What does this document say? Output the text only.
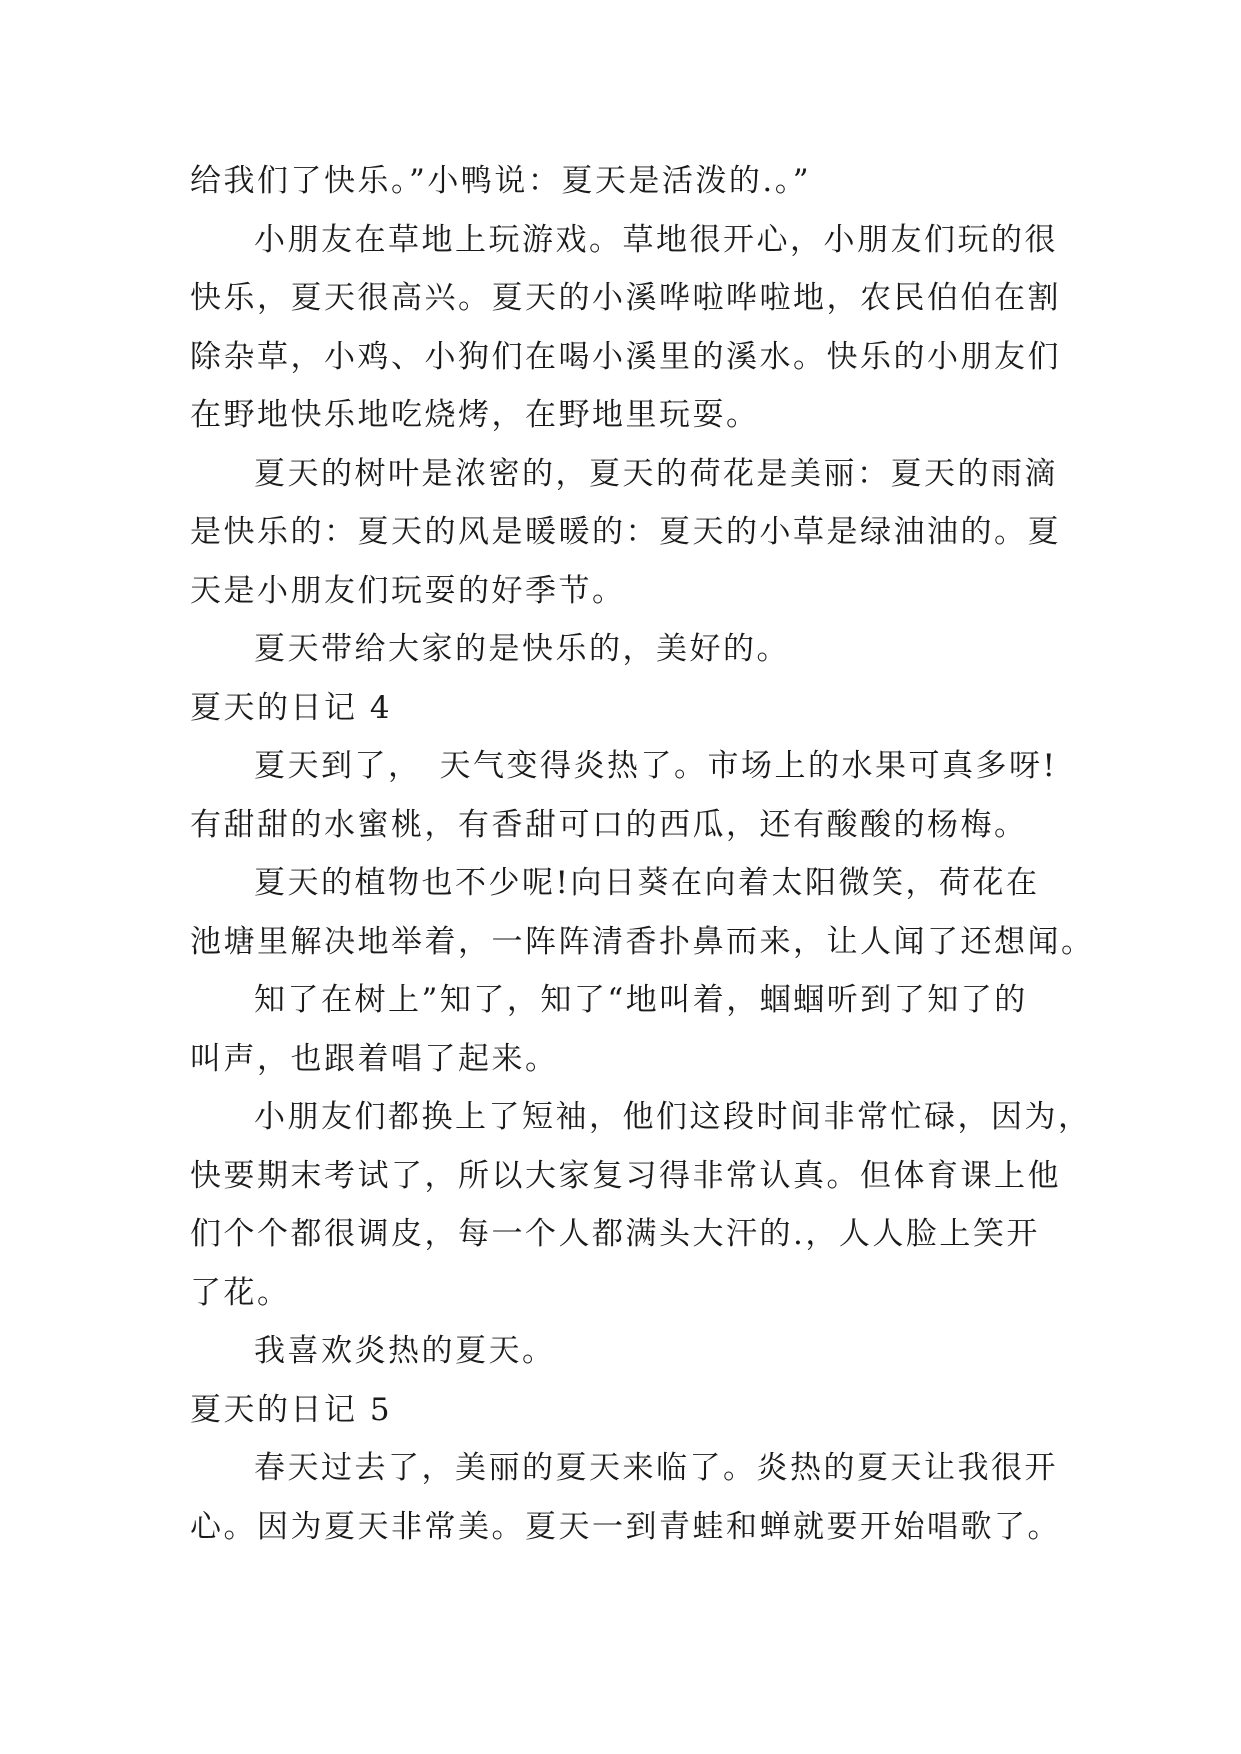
给我们了快乐。”小鸭说：夏天是活泼的.。”
小朋友在草地上玩游戏。草地很开心，小朋友们玩的很
快乐，夏天很高兴。夏天的小溪哗啦哗啦地，农民伯伯在割
除杂草，小鸡、小狗们在喝小溪里的溪水。快乐的小朋友们
在野地快乐地吃烧烤，在野地里玩耍。
夏天的树叶是浓密的，夏天的荷花是美丽：夏天的雨滴
是快乐的：夏天的风是暖暖的：夏天的小草是绿油油的。夏
天是小朋友们玩耍的好季节。
夏天带给大家的是快乐的，美好的。
夏天的日记 4
夏天到了，　天气变得炎热了。市场上的水果可真多呀!
有甜甜的水蜜桃，有香甜可口的西瓜，还有酸酸的杨梅。
夏天的植物也不少呢!向日葵在向着太阳微笑，荷花在
池塘里解决地举着，一阵阵清香扑鼻而来，让人闻了还想闻。
知了在树上”知了，知了“地叫着，蝈蝈听到了知了的
叫声，也跟着唱了起来。
小朋友们都换上了短袖，他们这段时间非常忙碌，因为，
快要期末考试了，所以大家复习得非常认真。但体育课上他
们个个都很调皮，每一个人都满头大汗的.，人人脸上笑开
了花。
我喜欢炎热的夏天。
夏天的日记 5
春天过去了，美丽的夏天来临了。炎热的夏天让我很开
心。因为夏天非常美。夏天一到青蛙和蝉就要开始唱歌了。
